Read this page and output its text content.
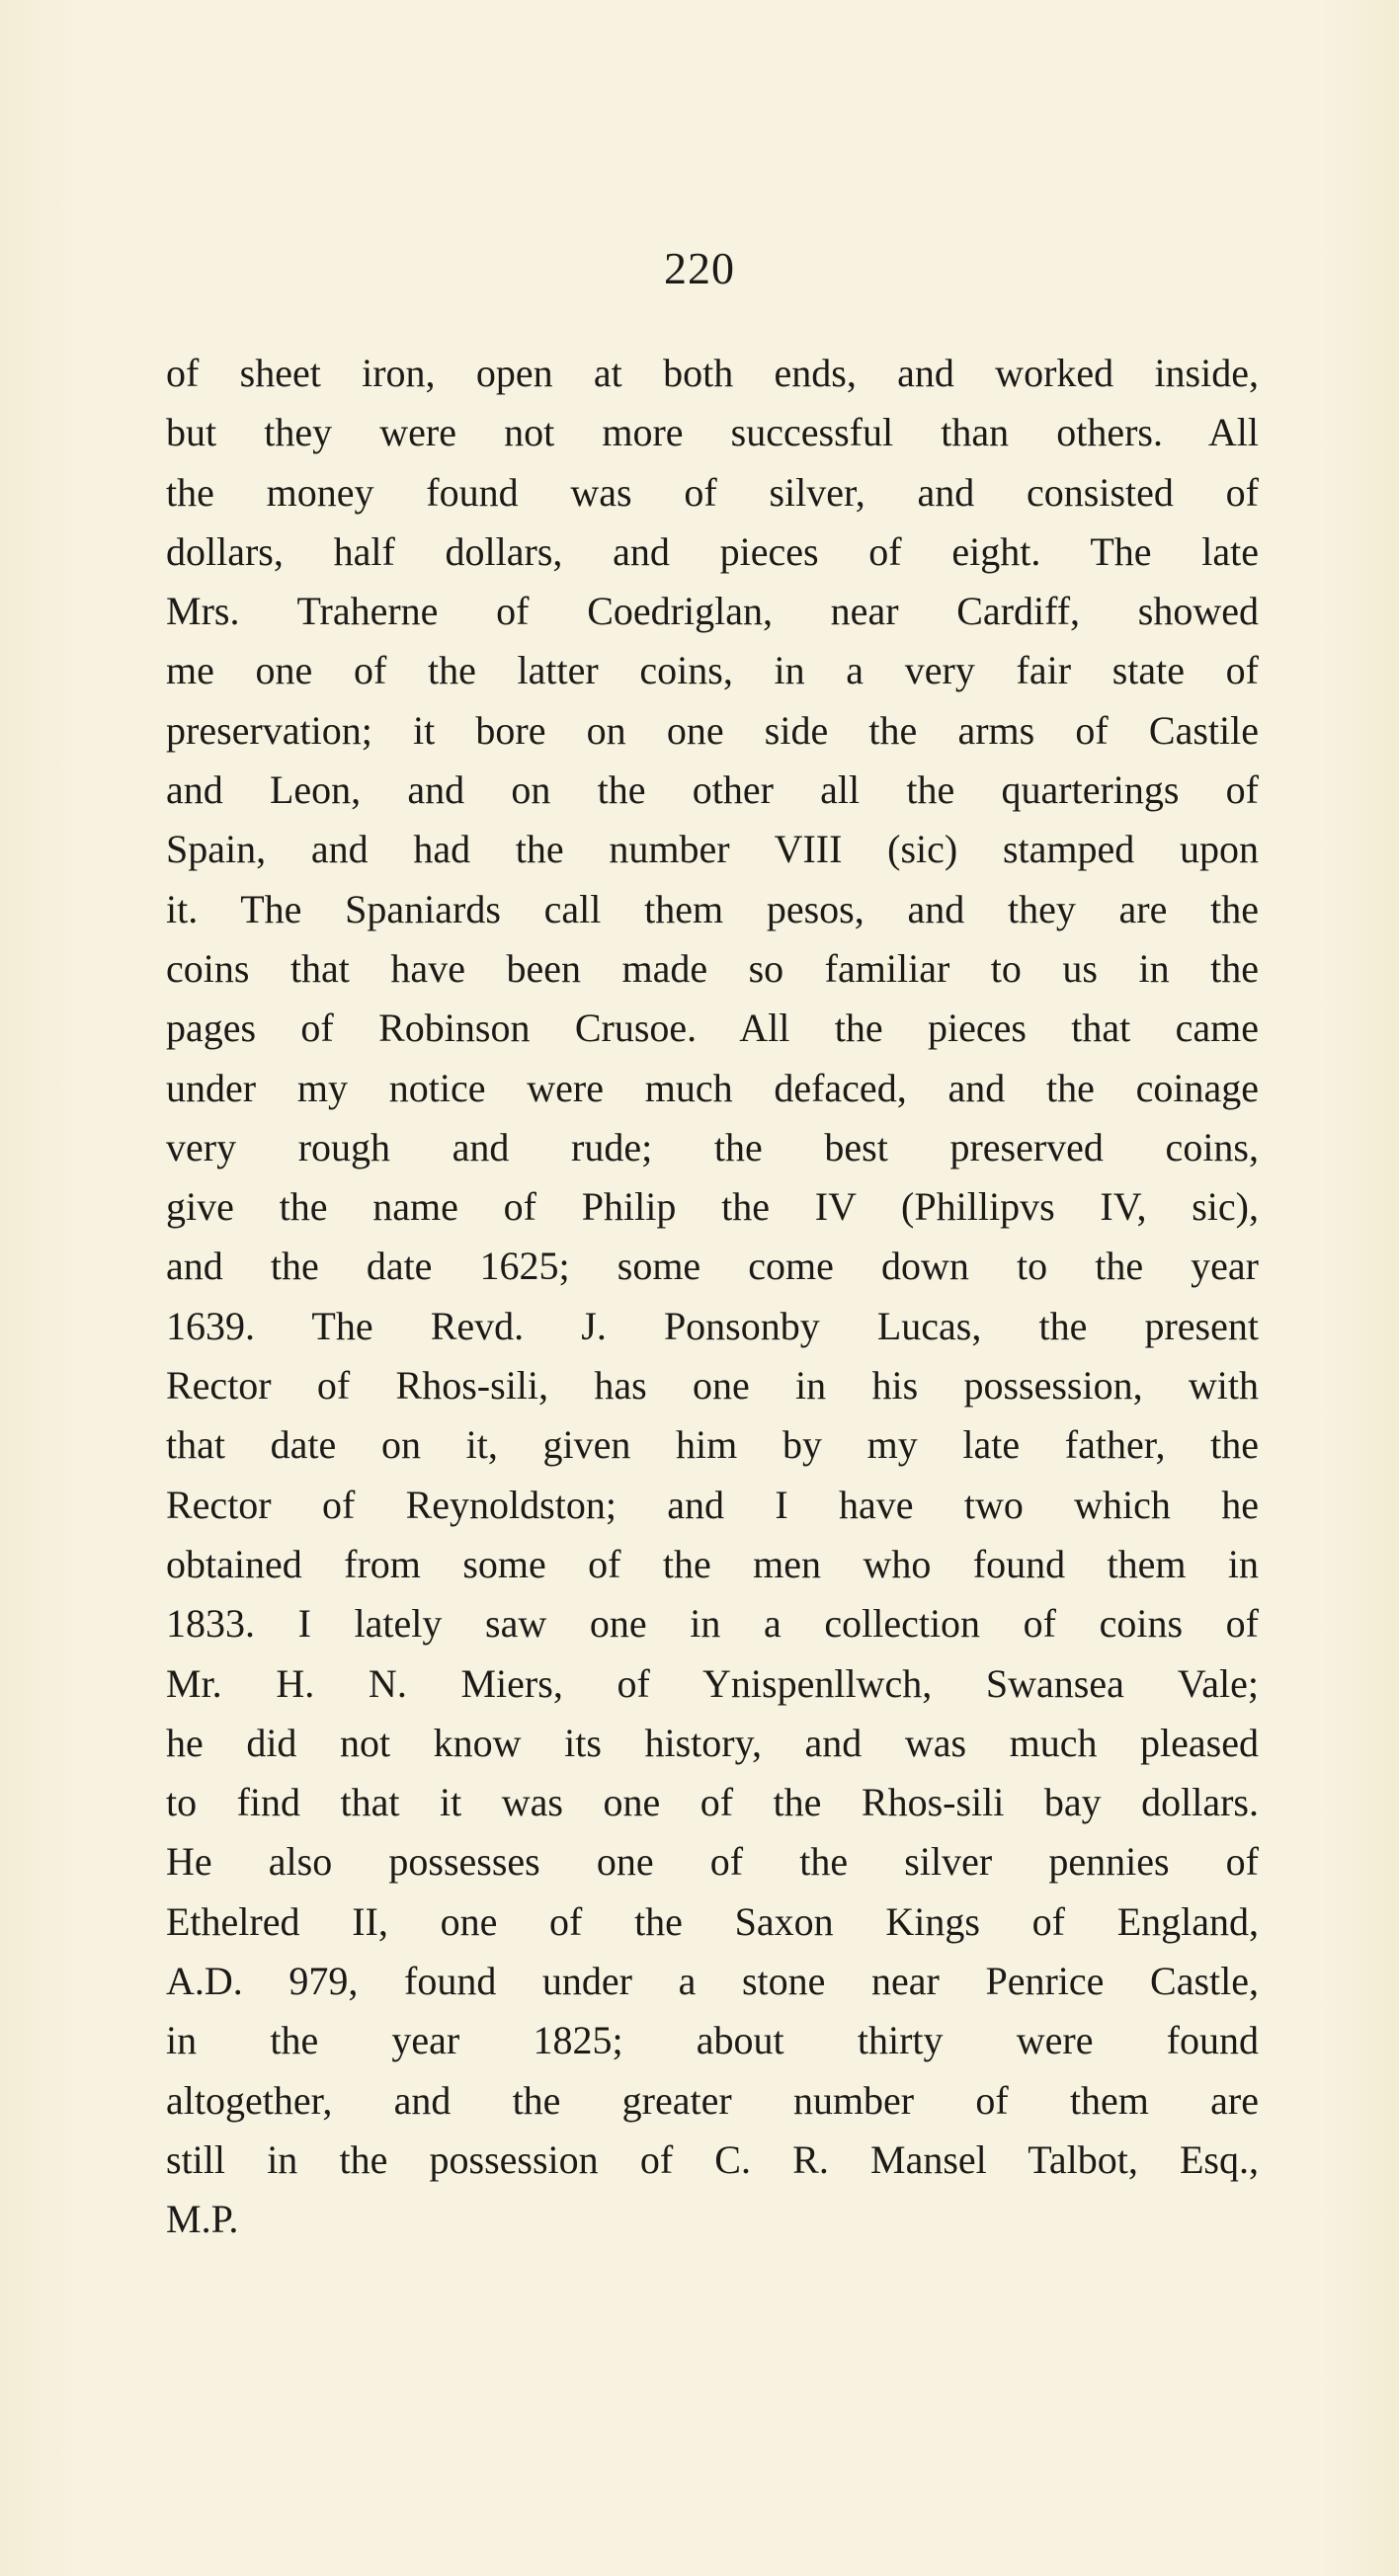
220
of sheet iron, open at both ends, and worked inside,
but they were not more successful than others. All
the money found was of silver, and consisted of
dollars, half dollars, and pieces of eight. The late
Mrs. Traherne of Coedriglan, near Cardiff, showed
me one of the latter coins, in a very fair state of
preservation; it bore on one side the arms of Castile
and Leon, and on the other all the quarterings of
Spain, and had the number VIII (sic) stamped upon
it. The Spaniards call them pesos, and they are the
coins that have been made so familiar to us in the
pages of Robinson Crusoe. All the pieces that came
under my notice were much defaced, and the coinage
very rough and rude; the best preserved coins,
give the name of Philip the IV (Phillipvs IV, sic),
and the date 1625; some come down to the year
1639. The Revd. J. Ponsonby Lucas, the present
Rector of Rhos-sili, has one in his possession, with
that date on it, given him by my late father, the
Rector of Reynoldston; and I have two which he
obtained from some of the men who found them in
1833. I lately saw one in a collection of coins of
Mr. H. N. Miers, of Ynispenllwch, Swansea Vale;
he did not know its history, and was much pleased
to find that it was one of the Rhos-sili bay dollars.
He also possesses one of the silver pennies of
Ethelred II, one of the Saxon Kings of England,
A.D. 979, found under a stone near Penrice Castle,
in the year 1825; about thirty were found
altogether, and the greater number of them are
still in the possession of C. R. Mansel Talbot, Esq.,
M.P.
